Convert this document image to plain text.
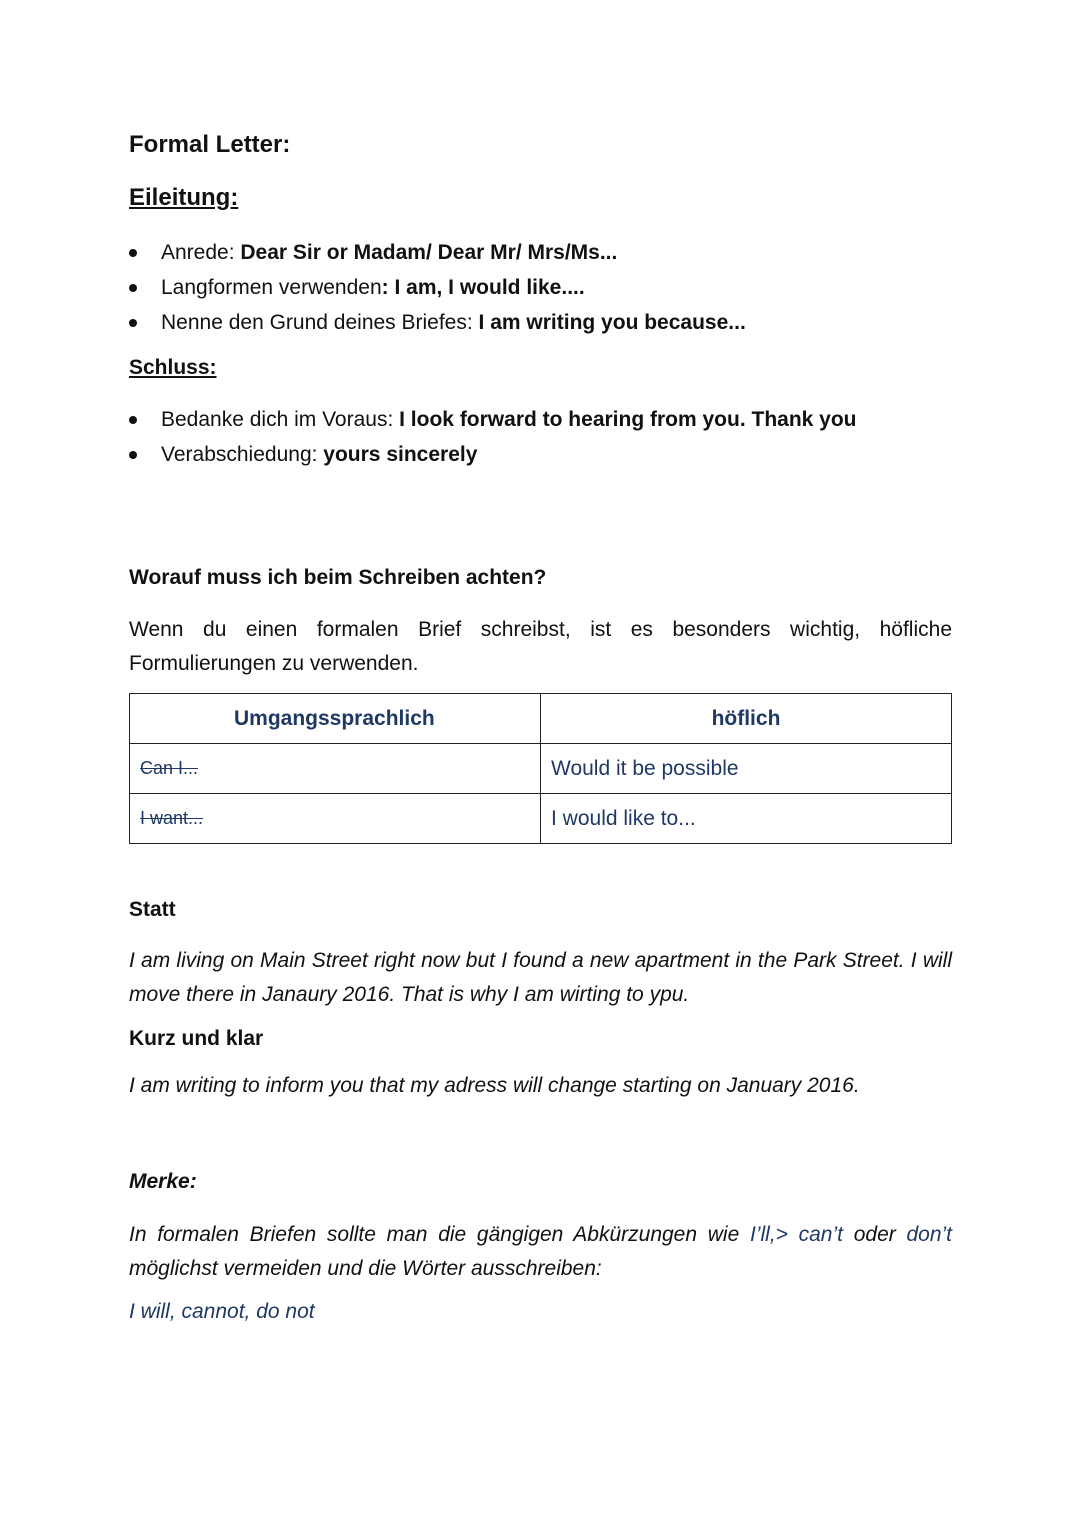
Formal Letter:
Eileitung:
Anrede: Dear Sir or Madam/ Dear Mr/ Mrs/Ms...
Langformen verwenden: I am, I would like....
Nenne den Grund deines Briefes: I am writing you because...
Schluss:
Bedanke dich im Voraus: I look forward to hearing from you. Thank you
Verabschiedung: yours sincerely
Worauf muss ich beim Schreiben achten?

Wenn du einen formalen Brief schreibst, ist es besonders wichtig, höfliche Formulierungen zu verwenden.

Umgangssprachlich	höflich
Can I...	Would it be possible
I want...	I would like to...
Statt

I am living on Main Street right now but I found a new apartment in the Park Street. I will move there in Janaury 2016. That is why I am wirting to ypu.

Kurz und klar

I am writing to inform you that my adress will change starting on January 2016.

Merke:

In formalen Briefen sollte man die gängigen Abkürzungen wie I’ll,> can’t oder don’t möglichst vermeiden und die Wörter ausschreiben:

I will, cannot, do not
